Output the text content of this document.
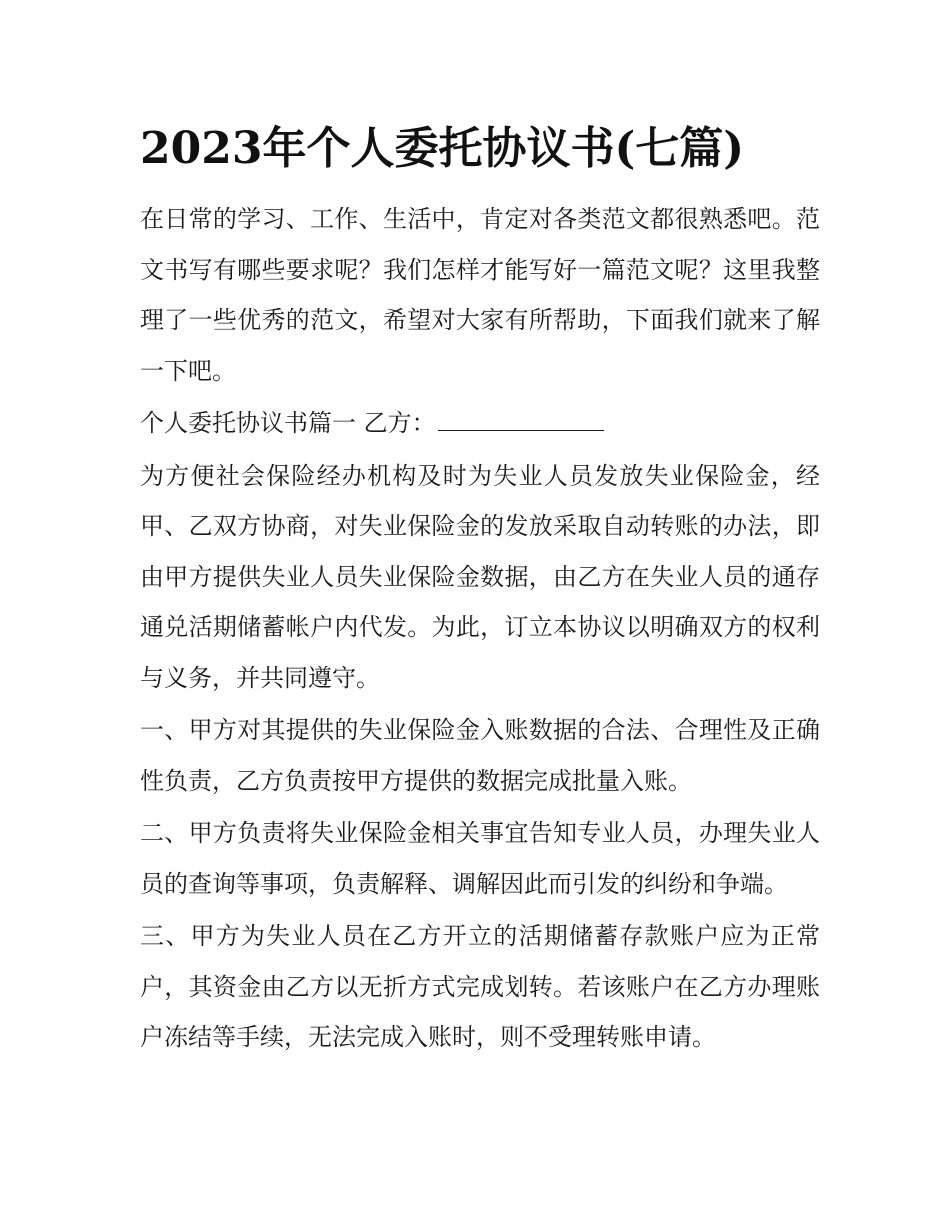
2023年个人委托协议书(七篇)

在日常的学习、工作、生活中，肯定对各类范文都很熟悉吧。范文书写有哪些要求呢？我们怎样才能写好一篇范文呢？这里我整理了一些优秀的范文，希望对大家有所帮助，下面我们就来了解一下吧。

个人委托协议书篇一 乙方：

为方便社会保险经办机构及时为失业人员发放失业保险金，经甲、乙双方协商，对失业保险金的发放采取自动转账的办法，即由甲方提供失业人员失业保险金数据，由乙方在失业人员的通存通兑活期储蓄帐户内代发。为此，订立本协议以明确双方的权利与义务，并共同遵守。

一、甲方对其提供的失业保险金入账数据的合法、合理性及正确性负责，乙方负责按甲方提供的数据完成批量入账。

二、甲方负责将失业保险金相关事宜告知专业人员，办理失业人员的查询等事项，负责解释、调解因此而引发的纠纷和争端。

三、甲方为失业人员在乙方开立的活期储蓄存款账户应为正常户，其资金由乙方以无折方式完成划转。若该账户在乙方办理账户冻结等手续，无法完成入账时，则不受理转账申请。
